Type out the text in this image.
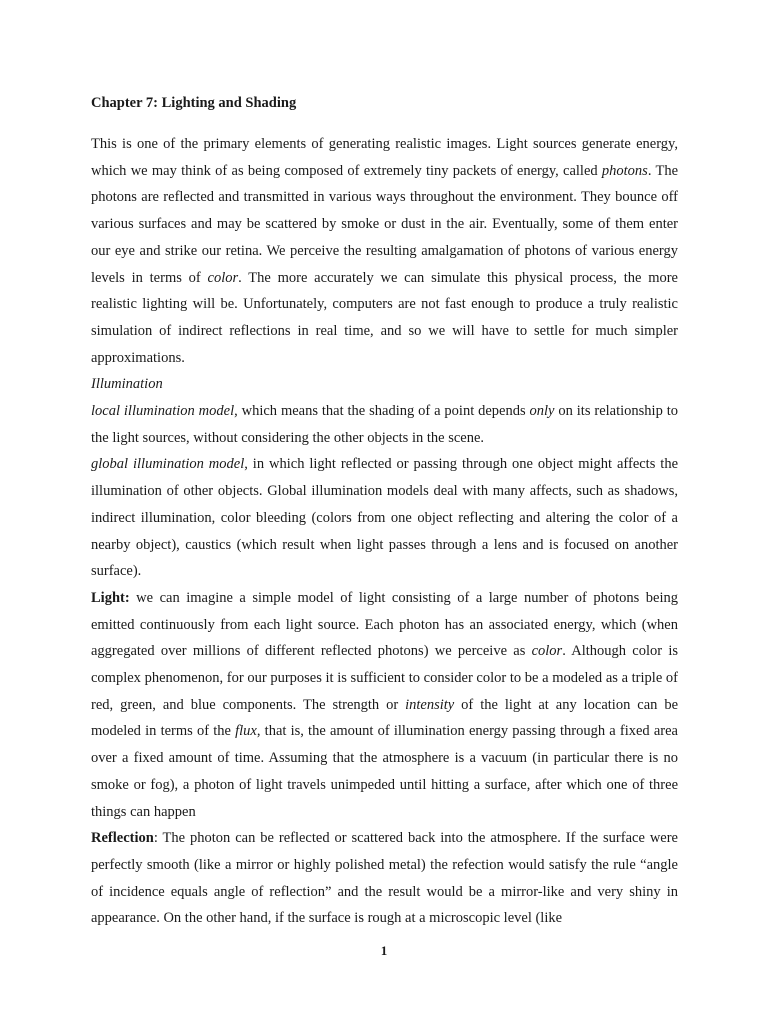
Chapter 7: Lighting and Shading

This is one of the primary elements of generating realistic images. Light sources generate energy, which we may think of as being composed of extremely tiny packets of energy, called photons. The photons are reflected and transmitted in various ways throughout the environment. They bounce off various surfaces and may be scattered by smoke or dust in the air. Eventually, some of them enter our eye and strike our retina. We perceive the resulting amalgamation of photons of various energy levels in terms of color. The more accurately we can simulate this physical process, the more realistic lighting will be. Unfortunately, computers are not fast enough to produce a truly realistic simulation of indirect reflections in real time, and so we will have to settle for much simpler approximations.

Illumination

local illumination model, which means that the shading of a point depends only on its relationship to the light sources, without considering the other objects in the scene.

global illumination model, in which light reflected or passing through one object might affects the illumination of other objects. Global illumination models deal with many affects, such as shadows, indirect illumination, color bleeding (colors from one object reflecting and altering the color of a nearby object), caustics (which result when light passes through a lens and is focused on another surface).

Light: we can imagine a simple model of light consisting of a large number of photons being emitted continuously from each light source. Each photon has an associated energy, which (when aggregated over millions of different reflected photons) we perceive as color. Although color is complex phenomenon, for our purposes it is sufficient to consider color to be a modeled as a triple of red, green, and blue components. The strength or intensity of the light at any location can be modeled in terms of the flux, that is, the amount of illumination energy passing through a fixed area over a fixed amount of time. Assuming that the atmosphere is a vacuum (in particular there is no smoke or fog), a photon of light travels unimpeded until hitting a surface, after which one of three things can happen

Reflection: The photon can be reflected or scattered back into the atmosphere. If the surface were perfectly smooth (like a mirror or highly polished metal) the refection would satisfy the rule “angle of incidence equals angle of reflection” and the result would be a mirror-like and very shiny in appearance. On the other hand, if the surface is rough at a microscopic level (like

1
